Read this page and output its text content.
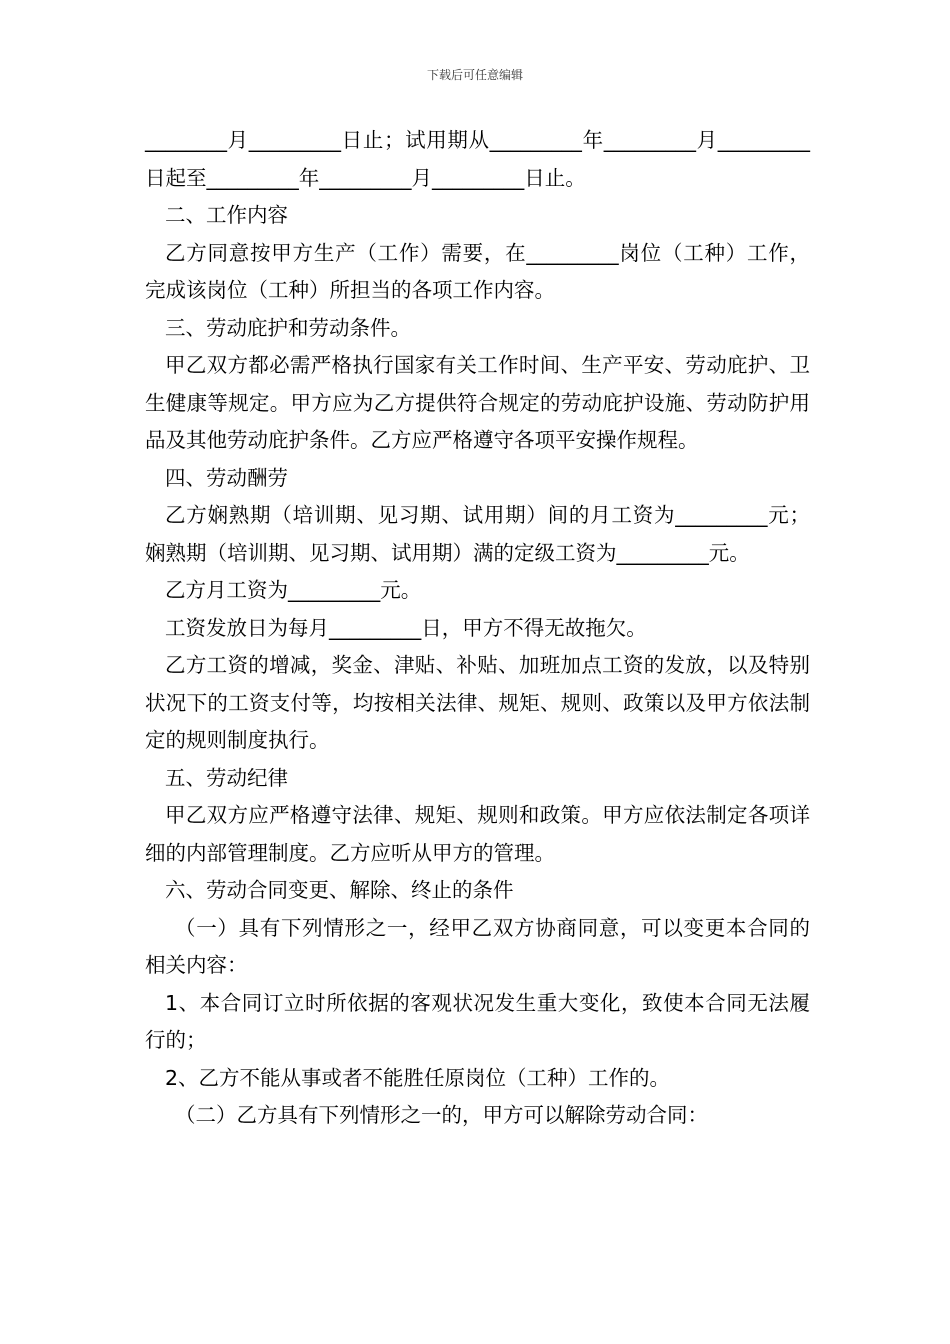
下载后可任意编辑

________月_________日止；试用期从_________年_________月_________日起至_________年_________月_________日止。

二、工作内容

乙方同意按甲方生产（工作）需要，在_________岗位（工种）工作，完成该岗位（工种）所担当的各项工作内容。

三、劳动庇护和劳动条件。

甲乙双方都必需严格执行国家有关工作时间、生产平安、劳动庇护、卫生健康等规定。甲方应为乙方提供符合规定的劳动庇护设施、劳动防护用品及其他劳动庇护条件。乙方应严格遵守各项平安操作规程。

四、劳动酬劳

乙方娴熟期（培训期、见习期、试用期）间的月工资为_________元；娴熟期（培训期、见习期、试用期）满的定级工资为_________元。

乙方月工资为_________元。

工资发放日为每月_________日，甲方不得无故拖欠。

乙方工资的增减，奖金、津贴、补贴、加班加点工资的发放，以及特别状况下的工资支付等，均按相关法律、规矩、规则、政策以及甲方依法制定的规则制度执行。

五、劳动纪律

甲乙双方应严格遵守法律、规矩、规则和政策。甲方应依法制定各项详细的内部管理制度。乙方应听从甲方的管理。

六、劳动合同变更、解除、终止的条件

（一）具有下列情形之一，经甲乙双方协商同意，可以变更本合同的相关内容：

1、本合同订立时所依据的客观状况发生重大变化，致使本合同无法履行的；

2、乙方不能从事或者不能胜任原岗位（工种）工作的。

（二）乙方具有下列情形之一的，甲方可以解除劳动合同：
